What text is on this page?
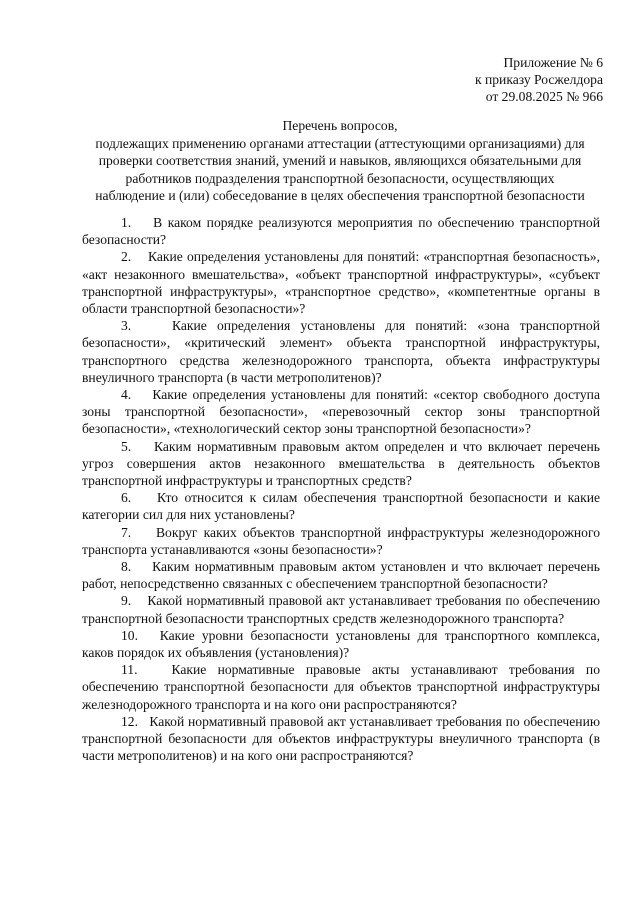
Приложение № 6
к приказу Росжелдора
от 29.08.2025 № 966
Перечень вопросов,
подлежащих применению органами аттестации (аттестующими организациями) для
проверки соответствия знаний, умений и навыков, являющихся обязательными для
работников подразделения транспортной безопасности, осуществляющих
наблюдение и (или) собеседование в целях обеспечения транспортной безопасности

1. В каком порядке реализуются мероприятия по обеспечению транспортной безопасности?

2. Какие определения установлены для понятий: «транспортная безопасность», «акт незаконного вмешательства», «объект транспортной инфраструктуры», «субъект транспортной инфраструктуры», «транспортное средство», «компетентные органы в области транспортной безопасности»?

3.	Какие определения установлены для понятий: «зона транспортной безопасности», «критический элемент» объекта транспортной инфраструктуры, транспортного средства железнодорожного транспорта, объекта инфраструктуры внеуличного транспорта (в части метрополитенов)?

4. Какие определения установлены для понятий: «сектор свободного доступа зоны транспортной безопасности», «перевозочный сектор зоны транспортной безопасности», «технологический сектор зоны транспортной безопасности»?

5. Каким нормативным правовым актом определен и что включает перечень угроз совершения актов незаконного вмешательства в деятельность объектов транспортной инфраструктуры и транспортных средств?

6. Кто относится к силам обеспечения транспортной безопасности и какие категории сил для них установлены?

7. Вокруг каких объектов транспортной инфраструктуры железнодорожного транспорта устанавливаются «зоны безопасности»?

8. Каким нормативным правовым актом установлен и что включает перечень работ, непосредственно связанных с обеспечением транспортной безопасности?

9. Какой нормативный правовой акт устанавливает требования по обеспечению транспортной безопасности транспортных средств железнодорожного транспорта?

10. Какие уровни безопасности установлены для транспортного комплекса, каков порядок их объявления (установления)?

11. Какие нормативные правовые акты устанавливают требования по обеспечению транспортной безопасности для объектов транспортной инфраструктуры железнодорожного транспорта и на кого они распространяются?

12. Какой нормативный правовой акт устанавливает требования по обеспечению транспортной безопасности для объектов инфраструктуры внеуличного транспорта (в части метрополитенов) и на кого они распространяются?
